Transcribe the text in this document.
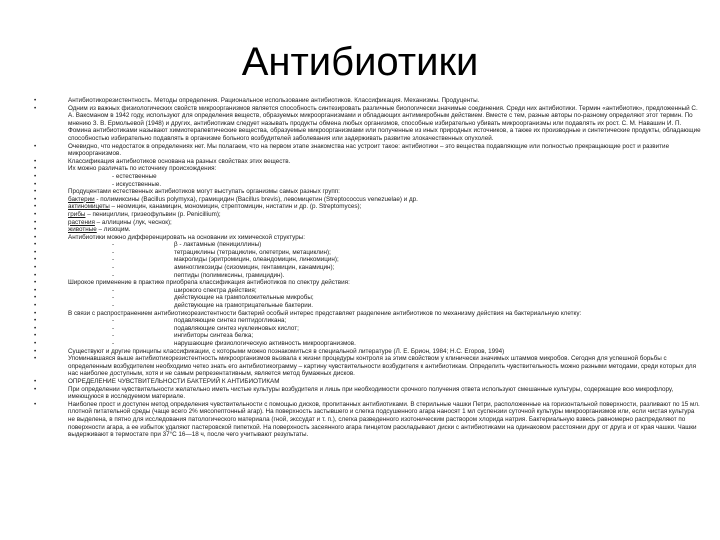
Антибиотики
•	Антибиотикорезистентность. Методы определения. Рациональное использование антибиотиков. Классификация. Механизмы. Продуценты.
•	Одним из важных физиологических свойств микроорганизмов является способность синтезировать различные биологически значимые соединения. Среди них антибиотики. Термин «антибиотик», предложенный С. А. Ваксманом в 1942 году, используют для определения веществ, образуемых микроорганизмами и обладающих антимикробным действием. Вместе с тем, разные авторы по-разному определяют этот термин. По мнению З. В. Ермольевой (1948) и других, антибиотикам следует называть продукты обмена любых организмов, способные избирательно убивать микроорганизмы или подавлять их рост. С. М. Навашин И. П. Фомина антибиотиками называют химиотерапевтические вещества, образуемые микроорганизмами или полученные из иных природных источников, а также их производные и синтетические продукты, обладающие способностью избирательно подавлять в организме больного возбудителей заболевания или задерживать развитие злокачественных опухолей.
•	Очевидно, что недостаток в определениях нет. Мы полагаем, что на первом этапе знакомства нас устроит такое: антибиотики – это вещества подавляющие или полностью прекращающие рост и развитие микроорганизмов.
•	Классификация антибиотиков основана на разных свойствах этих веществ.
•	Их можно различать по источнику происхождения:
•	- естественные
•	- искусственные.
•	Продуцентами естественных антибиотиков могут выступать организмы самых разных групп:
•	бактерии - полимиксины (Bacillus polymyxa), грамицидин (Bacillus brevis), левомицетин (Streptococcus venezuelae) и др.
•	актиномицеты – неомицин, канамицин, мономицин, стрептомицин, нистатин и др. (р. Streptomyces);
•	грибы – пенициллин, гризеофульвин (р. Penicillium);
•	растения – аллицины (лук, чеснок);
•	животные – лизоцим.
•	Антибиотики можно дифференцировать на основании их химической структуры:
•	-	β - лактамные (пенициллины)
•	-	тетрациклины (тетрациклин, олететрин, метациклин);
•	-	макролиды (эритромицин, олеандомицин, линкомицин);
•	-	аминогликозиды (сизомицин, гентамицин, канамицин);
•	-	пептиды (полимиксины, грамицидин).
•	Широкое применение в практике приобрела классификация антибиотиков по спектру действия:
•	-	широкого спектра действия;
•	-	действующие на грамположительные микробы;
•	-	действующие на грамотрицательные бактерии.
•	В связи с распространением антибиотикорезистентности бактерий особый интерес представляет разделение антибиотиков по механизму действия на бактериальную клетку:
•	-	подавляющие синтез пептидогликана;
•	-	подавляющие синтез нуклеиновых кислот;
•	-	ингибиторы синтеза белка;
•	-	нарушающие физиологическую активность микроорганизмов.
•	Существуют и другие принципы классификации, с которыми можно познакомиться в специальной литературе (Л. Е. Брион, 1984; Н.С. Егоров, 1994)
•	Упоминавшаяся выше антибиотикорезистентность микроорганизмов вызвала к жизни процедуры контроля за этим свойством у клинически значимых штаммов микробов. Сегодня для успешной борьбы с определенным возбудителем необходимо четко знать его антибиотикограмму – картину чувствительности возбудителя к антибиотикам. Определить чувствительность можно разными методами, среди которых для нас наиболее доступным, хотя и не самым репрезентативным, является метод бумажных дисков.
•	ОПРЕДЕЛЕНИЕ ЧУВСТВИТЕЛЬНОСТИ БАКТЕРИЙ К АНТИБИОТИКАМ
•	При определении чувствительности желательно иметь чистые культуры возбудителя и лишь при необходимости срочного получения ответа используют смешанные культуры, содержащие всю микрофлору, имеющуюся в исследуемом материале.
•	Наиболее прост и доступен метод определения чувствительности с помощью дисков, пропитанных антибиотиками. В стерильные чашки Петри, расположенные на горизонтальной поверхности, разливают по 15 мл. плотной питательной среды (чаще всего 2% мясопептонный агар). На поверхность застывшего и слегка подсушенного агара наносят 1 мл суспензии суточной культуры микроорганизмов или, если чистая культура не выделена, в пятно для исследования патологического материала (гной, экссудат и т. п.), слегка разведенного изотоническим раствором хлорида натрия. Бактериальную взвесь равномерно распределяют по поверхности агара, а ее избыток удаляют пастеровской пипеткой. На поверхность засеянного агара пинцетом раскладывают диски с антибиотиками на одинаковом расстоянии друг от друга и от края чашки. Чашки выдерживают в термостате при 37°С 16—18 ч, после чего учитывают результаты.
